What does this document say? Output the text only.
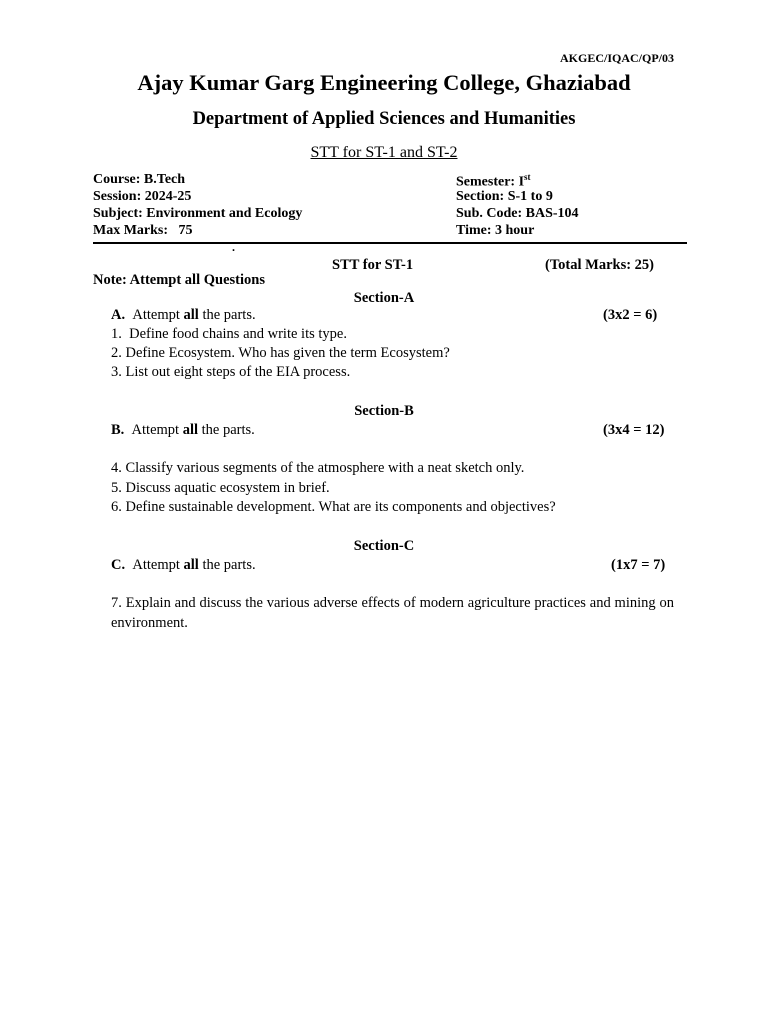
AKGEC/IQAC/QP/03
Ajay Kumar Garg Engineering College, Ghaziabad
Department of Applied Sciences and Humanities
STT for ST-1 and ST-2
Course: B.Tech
Session: 2024-25
Subject: Environment and Ecology
Max Marks:   75
Semester: Ist
Section: S-1 to 9
Sub. Code: BAS-104
Time: 3 hour
.
STT for ST-1	(Total Marks: 25)
Note: Attempt all Questions
Section-A
A. Attempt all the parts.	(3x2 = 6)
1.  Define food chains and write its type.
2. Define Ecosystem. Who has given the term Ecosystem?
3. List out eight steps of the EIA process.
Section-B
B. Attempt all the parts.	(3x4 = 12)
4. Classify various segments of the atmosphere with a neat sketch only.
5. Discuss aquatic ecosystem in brief.
6. Define sustainable development. What are its components and objectives?
Section-C
C. Attempt all the parts.	(1x7 = 7)
7. Explain and discuss the various adverse effects of modern agriculture practices and mining on environment.
